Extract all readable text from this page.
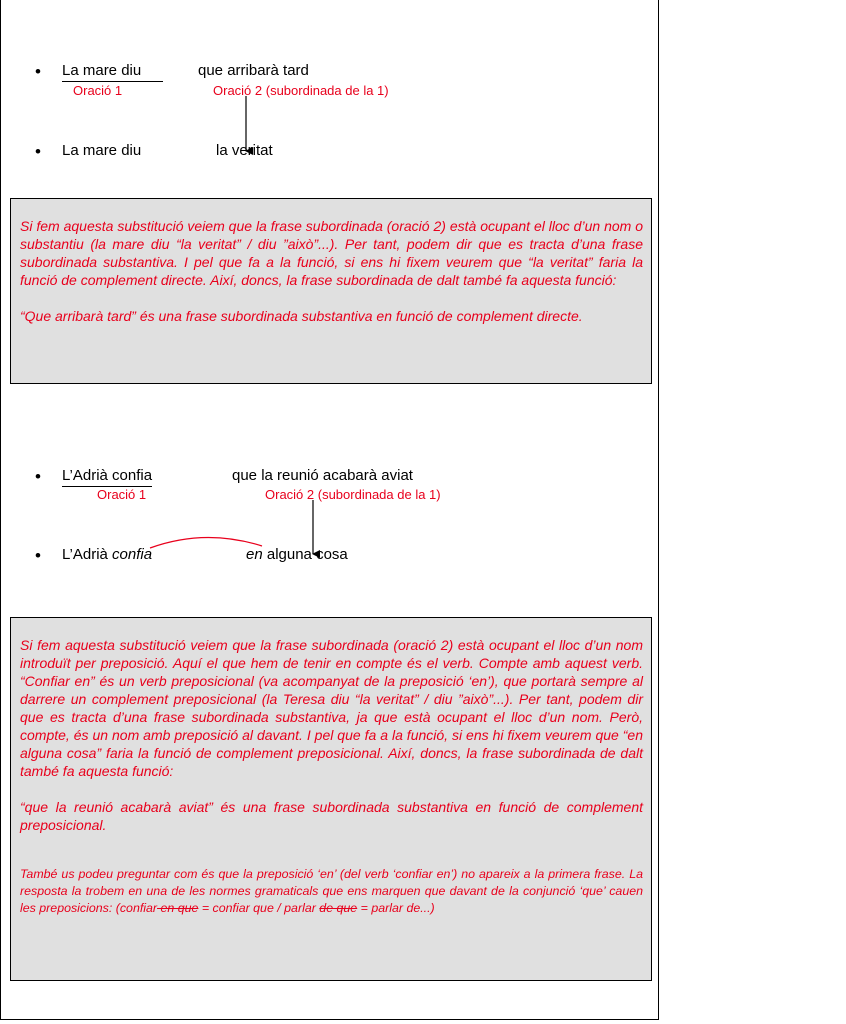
• La mare diu	que arribarà tard
Oració 1	Oració 2 (subordinada de la 1)
• La mare diu	la veritat

Si fem aquesta substitució veiem que la frase subordinada (oració 2) està ocupant el lloc d’un nom o substantiu (la mare diu “la veritat” / diu ”això”...). Per tant, podem dir que es tracta d’una frase subordinada substantiva. I pel que fa a la funció, si ens hi fixem veurem que “la veritat” faria la funció de complement directe. Així, doncs, la frase subordinada de dalt també fa aquesta funció:

“Que arribarà tard” és una frase subordinada substantiva en funció de complement directe.

• L’Adrià confia	que la reunió acabarà aviat
Oració 1	Oració 2 (subordinada de la 1)
• L’Adrià confia	en alguna cosa

Si fem aquesta substitució veiem que la frase subordinada (oració 2) està ocupant el lloc d’un nom introduït per preposició. Aquí el que hem de tenir en compte és el verb. Compte amb aquest verb. “Confiar en” és un verb preposicional (va acompanyat de la preposició ‘en’), que portarà sempre al darrere un complement preposicional (la Teresa diu “la veritat” / diu ”això”...). Per tant, podem dir que es tracta d’una frase subordinada substantiva, ja que està ocupant el lloc d’un nom. Però, compte, és un nom amb preposició al davant. I pel que fa a la funció, si ens hi fixem veurem que “en alguna cosa” faria la funció de complement preposicional. Així, doncs, la frase subordinada de dalt també fa aquesta funció:

“que la reunió acabarà aviat” és una frase subordinada substantiva en funció de complement preposicional.

També us podeu preguntar com és que la preposició ‘en’ (del verb ‘confiar en’) no apareix a la primera frase. La resposta la trobem en una de les normes gramaticals que ens marquen que davant de la conjunció ‘que’ cauen les preposicions: (confiar en que = confiar que / parlar de que = parlar de...)
